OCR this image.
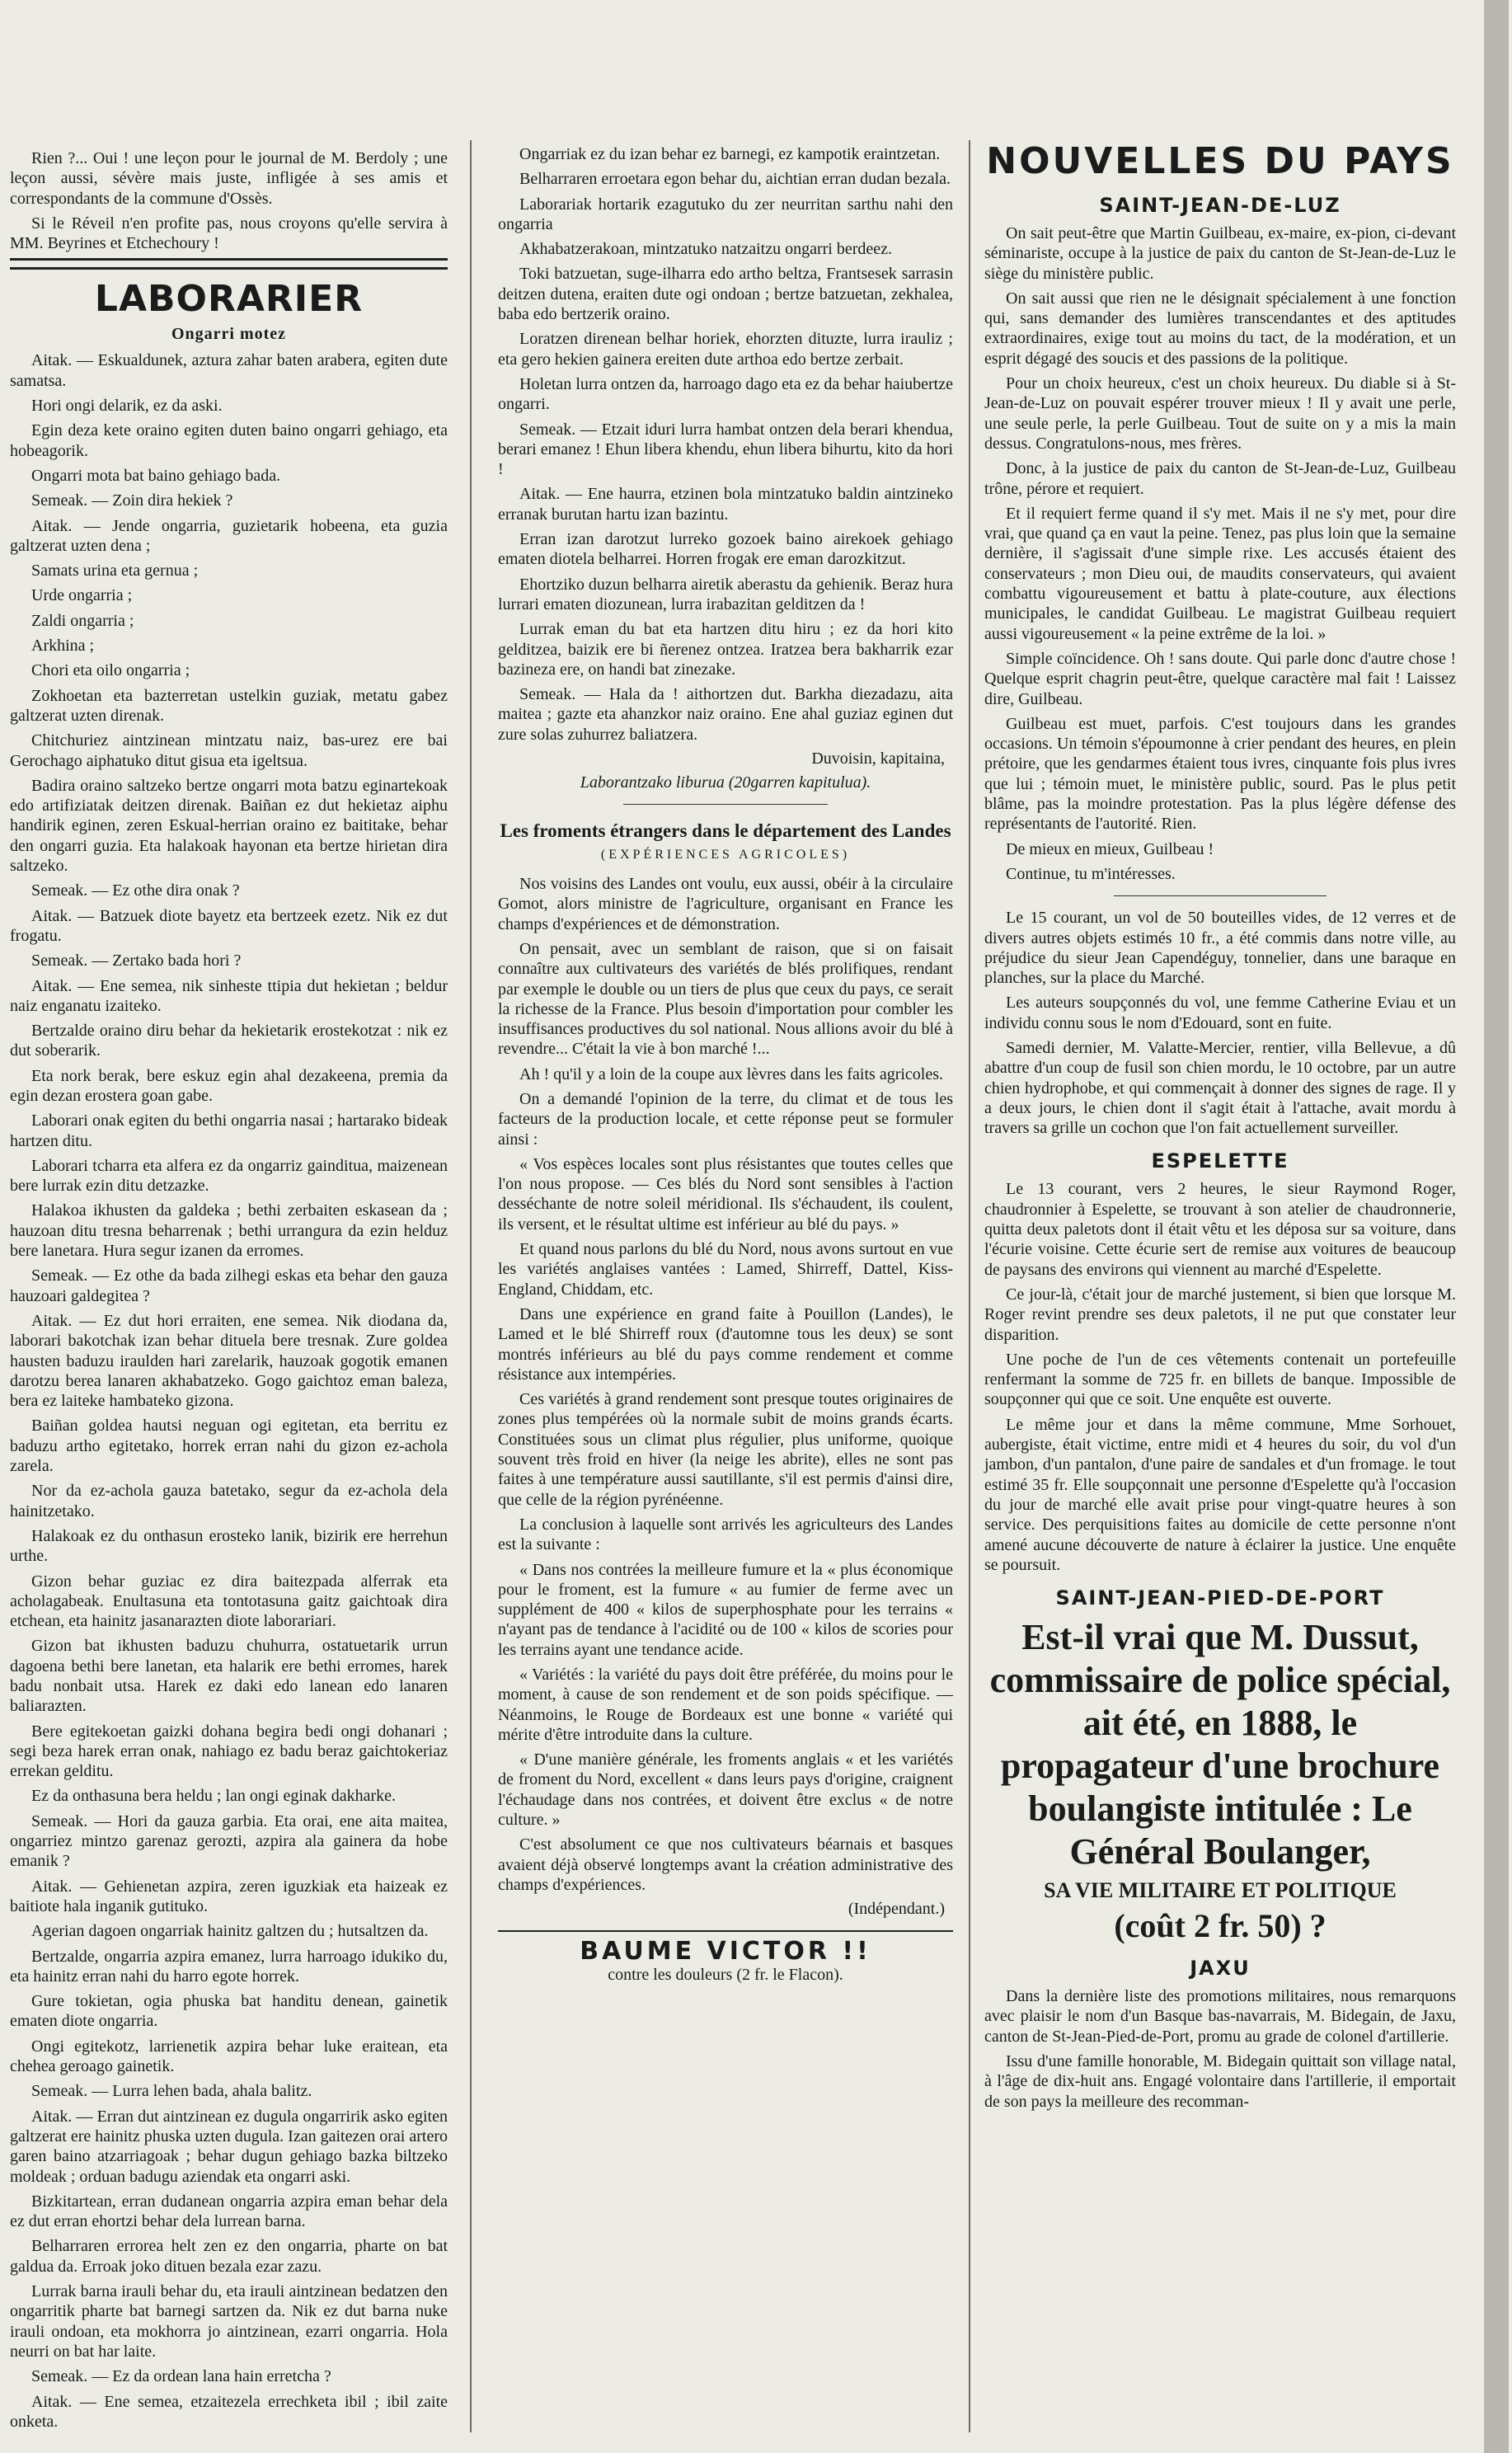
Rien ?... Oui ! une leçon pour le journal de M. Berdoly ; une leçon aussi, sévère mais juste, infligée à ses amis et correspondants de la commune d'Ossès.

Si le Réveil n'en profite pas, nous croyons qu'elle servira à MM. Beyrines et Etchechoury !

LABORARIER
Ongarri motez

Aitak. — Eskualdunek, aztura zahar baten arabera, egiten dute samatsa.

Hori ongi delarik, ez da aski.

Egin deza kete oraino egiten duten baino ongarri gehiago, eta hobeagorik.

Ongarri mota bat baino gehiago bada.

Semeak. — Zoin dira hekiek ?

Aitak. — Jende ongarria, guzietarik hobeena, eta guzia galtzerat uzten dena ;

Samats urina eta gernua ;

Urde ongarria ;

Zaldi ongarria ;

Arkhina ;

Chori eta oilo ongarria ;

Zokhoetan eta bazterretan ustelkin guziak, metatu gabez galtzerat uzten direnak.

Chitchuriez aintzinean mintzatu naiz, bas-urez ere bai Gerochago aiphatuko ditut gisua eta igeltsua.

Badira oraino saltzeko bertze ongarri mota batzu eginartekoak edo artifiziatak deitzen direnak. Baiñan ez dut hekietaz aiphu handirik eginen, zeren Eskual-herrian oraino ez baititake, behar den ongarri guzia. Eta halakoak hayonan eta bertze hirietan dira saltzeko.

Semeak. — Ez othe dira onak ?

Aitak. — Batzuek diote bayetz eta bertzeek ezetz. Nik ez dut frogatu.

Semeak. — Zertako bada hori ?

Aitak. — Ene semea, nik sinheste ttipia dut hekietan ; beldur naiz enganatu izaiteko.

Bertzalde oraino diru behar da hekietarik erostekotzat : nik ez dut soberarik.

Eta nork berak, bere eskuz egin ahal dezakeena, premia da egin dezan erostera goan gabe.

Laborari onak egiten du bethi ongarria nasai ; hartarako bideak hartzen ditu.

Laborari tcharra eta alfera ez da ongarriz gainditua, maizenean bere lurrak ezin ditu detzazke.

Halakoa ikhusten da galdeka ; bethi zerbaiten eskasean da ; hauzoan ditu tresna beharrenak ; bethi urrangura da ezin helduz bere lanetara. Hura segur izanen da erromes.

Semeak. — Ez othe da bada zilhegi eskas eta behar den gauza hauzoari galdegitea ?

Aitak. — Ez dut hori erraiten, ene semea. Nik diodana da, laborari bakotchak izan behar dituela bere tresnak. Zure goldea hausten baduzu iraulden hari zarelarik, hauzoak gogotik emanen darotzu berea lanaren akhabatzeko. Gogo gaichtoz eman baleza, bera ez laiteke hambateko gizona.

Baiñan goldea hautsi neguan ogi egitetan, eta berritu ez baduzu artho egitetako, horrek erran nahi du gizon ez-achola zarela.

Nor da ez-achola gauza batetako, segur da ez-achola dela hainitzetako.

Halakoak ez du onthasun erosteko lanik, bizirik ere herrehun urthe.

Gizon behar guziac ez dira baitezpada alferrak eta acholagabeak. Enultasuna eta tontotasuna gaitz gaichtoak dira etchean, eta hainitz jasanarazten diote laborariari.

Gizon bat ikhusten baduzu chuhurra, ostatuetarik urrun dagoena bethi bere lanetan, eta halarik ere bethi erromes, harek badu nonbait utsa. Harek ez daki edo lanean edo lanaren baliarazten.

Bere egitekoetan gaizki dohana begira bedi ongi dohanari ; segi beza harek erran onak, nahiago ez badu beraz gaichtokeriaz errekan gelditu.

Ez da onthasuna bera heldu ; lan ongi eginak dakharke.

Semeak. — Hori da gauza garbia. Eta orai, ene aita maitea, ongarriez mintzo garenaz gerozti, azpira ala gainera da hobe emanik ?

Aitak. — Gehienetan azpira, zeren iguzkiak eta haizeak ez baitiote hala inganik gutituko.

Agerian dagoen ongarriak hainitz galtzen du ; hutsaltzen da.

Bertzalde, ongarria azpira emanez, lurra harroago idukiko du, eta hainitz erran nahi du harro egote horrek.

Gure tokietan, ogia phuska bat handitu denean, gainetik ematen diote ongarria.

Ongi egitekotz, larrienetik azpira behar luke eraitean, eta chehea geroago gainetik.

Semeak. — Lurra lehen bada, ahala balitz.

Aitak. — Erran dut aintzinean ez dugula ongarririk asko egiten galtzerat ere hainitz phuska uzten dugula. Izan gaitezen orai artero garen baino atzarriagoak ; behar dugun gehiago bazka biltzeko moldeak ; orduan badugu aziendak eta ongarri aski.

Bizkitartean, erran dudanean ongarria azpira eman behar dela ez dut erran ehortzi behar dela lurrean barna.

Belharraren errorea helt zen ez den ongarria, pharte on bat galdua da. Erroak joko dituen bezala ezar zazu.

Lurrak barna irauli behar du, eta irauli aintzinean bedatzen den ongarritik pharte bat barnegi sartzen da. Nik ez dut barna nuke irauli ondoan, eta mokhorra jo aintzinean, ezarri ongarria. Hola neurri on bat har laite.

Semeak. — Ez da ordean lana hain erretcha ?

Aitak. — Ene semea, etzaitezela errechketa ibil ; ibil zaite onketa.

Ongarriak ez du izan behar ez barnegi, ez kampotik eraintzetan.

Belharraren erroetara egon behar du, aichtian erran dudan bezala.

Laborariak hortarik ezagutuko du zer neurritan sarthu nahi den ongarria

Akhabatzerakoan, mintzatuko natzaitzu ongarri berdeez.

Toki batzuetan, suge-ilharra edo artho beltza, Frantsesek sarrasin deitzen dutena, eraiten dute ogi ondoan ; bertze batzuetan, zekhalea, baba edo bertzerik oraino.

Loratzen direnean belhar horiek, ehorzten dituzte, lurra irauliz ; eta gero hekien gainera ereiten dute arthoa edo bertze zerbait.

Holetan lurra ontzen da, harroago dago eta ez da behar haiubertze ongarri.

Semeak. — Etzait iduri lurra hambat ontzen dela berari khendua, berari emanez ! Ehun libera khendu, ehun libera bihurtu, kito da hori !

Aitak. — Ene haurra, etzinen bola mintzatuko baldin aintzineko erranak burutan hartu izan bazintu.

Erran izan darotzut lurreko gozoek baino airekoek gehiago ematen diotela belharrei. Horren frogak ere eman darozkitzut.

Ehortziko duzun belharra airetik aberastu da gehienik. Beraz hura lurrari ematen diozunean, lurra irabazitan gelditzen da !

Lurrak eman du bat eta hartzen ditu hiru ; ez da hori kito gelditzea, baizik ere bi ñerenez ontzea. Iratzea bera bakharrik ezar bazineza ere, on handi bat zinezake.

Semeak. — Hala da ! aithortzen dut. Barkha diezadazu, aita maitea ; gazte eta ahanzkor naiz oraino. Ene ahal guziaz eginen dut zure solas zuhurrez baliatzera.

Duvoisin, kapitaina,
Laborantzako liburua (20garren kapitulua).
Les froments étrangers dans le département des Landes
(EXPÉRIENCES AGRICOLES)

Nos voisins des Landes ont voulu, eux aussi, obéir à la circulaire Gomot, alors ministre de l'agriculture, organisant en France les champs d'expériences et de démonstration.

On pensait, avec un semblant de raison, que si on faisait connaître aux cultivateurs des variétés de blés prolifiques, rendant par exemple le double ou un tiers de plus que ceux du pays, ce serait la richesse de la France. Plus besoin d'importation pour combler les insuffisances productives du sol national. Nous allions avoir du blé à revendre... C'était la vie à bon marché !...

Ah ! qu'il y a loin de la coupe aux lèvres dans les faits agricoles.

On a demandé l'opinion de la terre, du climat et de tous les facteurs de la production locale, et cette réponse peut se formuler ainsi :

« Vos espèces locales sont plus résistantes que toutes celles que l'on nous propose. — Ces blés du Nord sont sensibles à l'action desséchante de notre soleil méridional. Ils s'échaudent, ils coulent, ils versent, et le résultat ultime est inférieur au blé du pays. »

Et quand nous parlons du blé du Nord, nous avons surtout en vue les variétés anglaises vantées : Lamed, Shirreff, Dattel, Kiss-England, Chiddam, etc.

Dans une expérience en grand faite à Pouillon (Landes), le Lamed et le blé Shirreff roux (d'automne tous les deux) se sont montrés inférieurs au blé du pays comme rendement et comme résistance aux intempéries.

Ces variétés à grand rendement sont presque toutes originaires de zones plus tempérées où la normale subit de moins grands écarts. Constituées sous un climat plus régulier, plus uniforme, quoique souvent très froid en hiver (la neige les abrite), elles ne sont pas faites à une température aussi sautillante, s'il est permis d'ainsi dire, que celle de la région pyrénéenne.

La conclusion à laquelle sont arrivés les agriculteurs des Landes est la suivante :

« Dans nos contrées la meilleure fumure et la « plus économique pour le froment, est la fumure « au fumier de ferme avec un supplément de 400 « kilos de superphosphate pour les terrains « n'ayant pas de tendance à l'acidité ou de 100 « kilos de scories pour les terrains ayant une tendance acide.

« Variétés : la variété du pays doit être préférée, du moins pour le moment, à cause de son rendement et de son poids spécifique. — Néanmoins, le Rouge de Bordeaux est une bonne « variété qui mérite d'être introduite dans la culture.

« D'une manière générale, les froments anglais « et les variétés de froment du Nord, excellent « dans leurs pays d'origine, craignent l'échaudage dans nos contrées, et doivent être exclus « de notre culture. »

C'est absolument ce que nos cultivateurs béarnais et basques avaient déjà observé longtemps avant la création administrative des champs d'expériences.

(Indépendant.)
BAUME VICTOR !!
contre les douleurs (2 fr. le Flacon).
NOUVELLES DU PAYS
SAINT-JEAN-DE-LUZ

On sait peut-être que Martin Guilbeau, ex-maire, ex-pion, ci-devant séminariste, occupe à la justice de paix du canton de St-Jean-de-Luz le siège du ministère public.

On sait aussi que rien ne le désignait spécialement à une fonction qui, sans demander des lumières transcendantes et des aptitudes extraordinaires, exige tout au moins du tact, de la modération, et un esprit dégagé des soucis et des passions de la politique.

Pour un choix heureux, c'est un choix heureux. Du diable si à St-Jean-de-Luz on pouvait espérer trouver mieux ! Il y avait une perle, une seule perle, la perle Guilbeau. Tout de suite on y a mis la main dessus. Congratulons-nous, mes frères.

Donc, à la justice de paix du canton de St-Jean-de-Luz, Guilbeau trône, pérore et requiert.

Et il requiert ferme quand il s'y met. Mais il ne s'y met, pour dire vrai, que quand ça en vaut la peine. Tenez, pas plus loin que la semaine dernière, il s'agissait d'une simple rixe. Les accusés étaient des conservateurs ; mon Dieu oui, de maudits conservateurs, qui avaient combattu vigoureusement et battu à plate-couture, aux élections municipales, le candidat Guilbeau. Le magistrat Guilbeau requiert aussi vigoureusement « la peine extrême de la loi. »

Simple coïncidence. Oh ! sans doute. Qui parle donc d'autre chose ! Quelque esprit chagrin peut-être, quelque caractère mal fait ! Laissez dire, Guilbeau.

Guilbeau est muet, parfois. C'est toujours dans les grandes occasions. Un témoin s'époumonne à crier pendant des heures, en plein prétoire, que les gendarmes étaient tous ivres, cinquante fois plus ivres que lui ; témoin muet, le ministère public, sourd. Pas le plus petit blâme, pas la moindre protestation. Pas la plus légère défense des représentants de l'autorité. Rien.

De mieux en mieux, Guilbeau !

Continue, tu m'intéresses.

Le 15 courant, un vol de 50 bouteilles vides, de 12 verres et de divers autres objets estimés 10 fr., a été commis dans notre ville, au préjudice du sieur Jean Capendéguy, tonnelier, dans une baraque en planches, sur la place du Marché.

Les auteurs soupçonnés du vol, une femme Catherine Eviau et un individu connu sous le nom d'Edouard, sont en fuite.

Samedi dernier, M. Valatte-Mercier, rentier, villa Bellevue, a dû abattre d'un coup de fusil son chien mordu, le 10 octobre, par un autre chien hydrophobe, et qui commençait à donner des signes de rage. Il y a deux jours, le chien dont il s'agit était à l'attache, avait mordu à travers sa grille un cochon que l'on fait actuellement surveiller.

ESPELETTE

Le 13 courant, vers 2 heures, le sieur Raymond Roger, chaudronnier à Espelette, se trouvant à son atelier de chaudronnerie, quitta deux paletots dont il était vêtu et les déposa sur sa voiture, dans l'écurie voisine. Cette écurie sert de remise aux voitures de beaucoup de paysans des environs qui viennent au marché d'Espelette.

Ce jour-là, c'était jour de marché justement, si bien que lorsque M. Roger revint prendre ses deux paletots, il ne put que constater leur disparition.

Une poche de l'un de ces vêtements contenait un portefeuille renfermant la somme de 725 fr. en billets de banque. Impossible de soupçonner qui que ce soit. Une enquête est ouverte.

Le même jour et dans la même commune, Mme Sorhouet, aubergiste, était victime, entre midi et 4 heures du soir, du vol d'un jambon, d'un pantalon, d'une paire de sandales et d'un fromage. le tout estimé 35 fr. Elle soupçonnait une personne d'Espelette qu'à l'occasion du jour de marché elle avait prise pour vingt-quatre heures à son service. Des perquisitions faites au domicile de cette personne n'ont amené aucune découverte de nature à éclairer la justice. Une enquête se poursuit.

SAINT-JEAN-PIED-DE-PORT
Est-il vrai que M. Dussut, commissaire de police spécial, ait été, en 1888, le propagateur d'une brochure boulangiste intitulée : Le Général Boulanger,
SA VIE MILITAIRE ET POLITIQUE
(coût 2 fr. 50) ?
JAXU

Dans la dernière liste des promotions militaires, nous remarquons avec plaisir le nom d'un Basque bas-navarrais, M. Bidegain, de Jaxu, canton de St-Jean-Pied-de-Port, promu au grade de colonel d'artillerie.

Issu d'une famille honorable, M. Bidegain quittait son village natal, à l'âge de dix-huit ans. Engagé volontaire dans l'artillerie, il emportait de son pays la meilleure des recomman-
